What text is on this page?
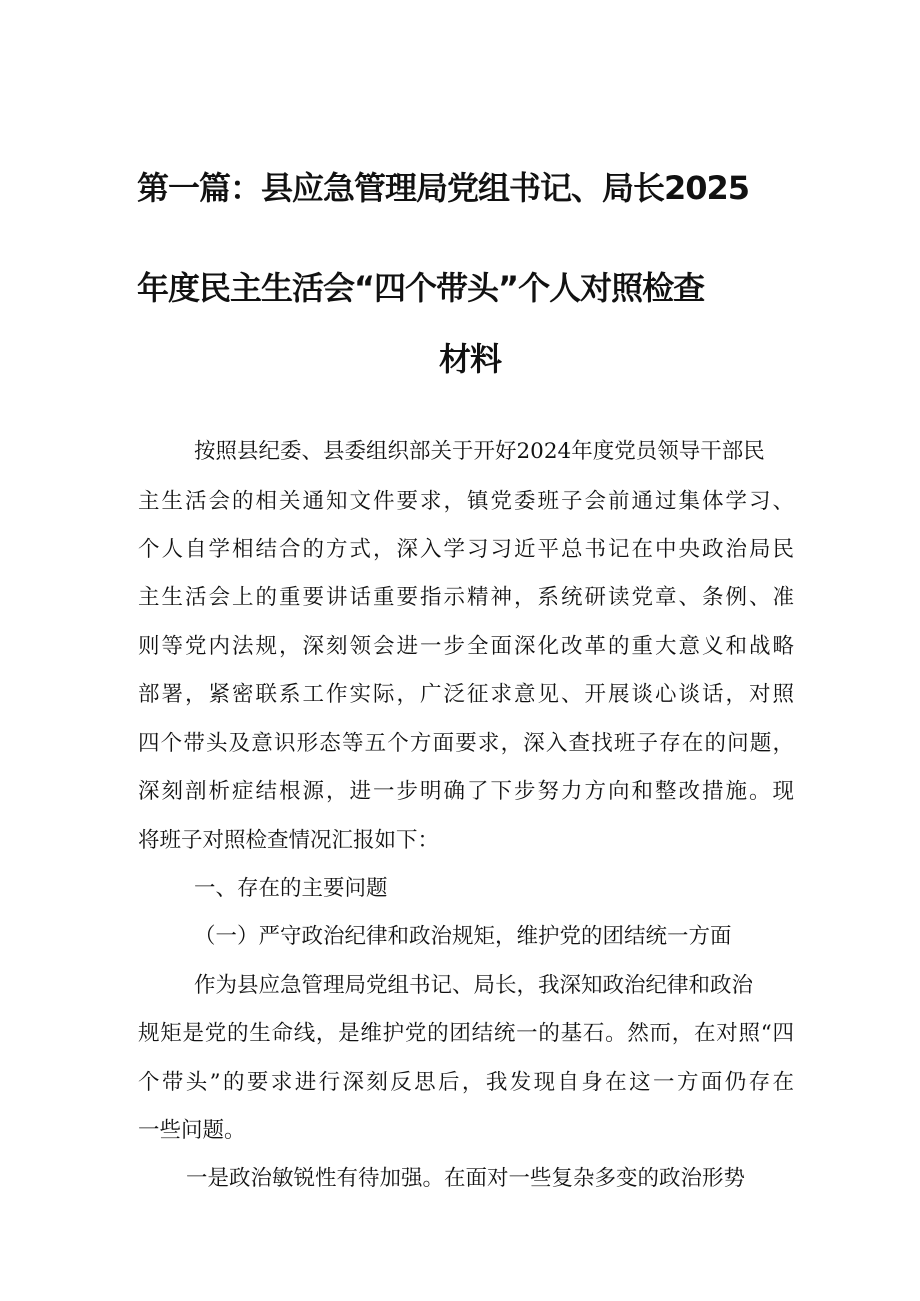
第一篇：县应急管理局党组书记、局长2025
年度民主生活会“四个带头”个人对照检查
材料
按照县纪委、县委组织部关于开好2024年度党员领导干部民
主生活会的相关通知文件要求，镇党委班子会前通过集体学习、
个人自学相结合的方式，深入学习习近平总书记在中央政治局民
主生活会上的重要讲话重要指示精神，系统研读党章、条例、准
则等党内法规，深刻领会进一步全面深化改革的重大意义和战略
部署，紧密联系工作实际，广泛征求意见、开展谈心谈话，对照
四个带头及意识形态等五个方面要求，深入查找班子存在的问题，
深刻剖析症结根源，进一步明确了下步努力方向和整改措施。现
将班子对照检查情况汇报如下：
一、存在的主要问题
（一）严守政治纪律和政治规矩，维护党的团结统一方面
作为县应急管理局党组书记、局长，我深知政治纪律和政治
规矩是党的生命线，是维护党的团结统一的基石。然而，在对照“四
个带头”的要求进行深刻反思后，我发现自身在这一方面仍存在
一些问题。
一是政治敏锐性有待加强。在面对一些复杂多变的政治形势
